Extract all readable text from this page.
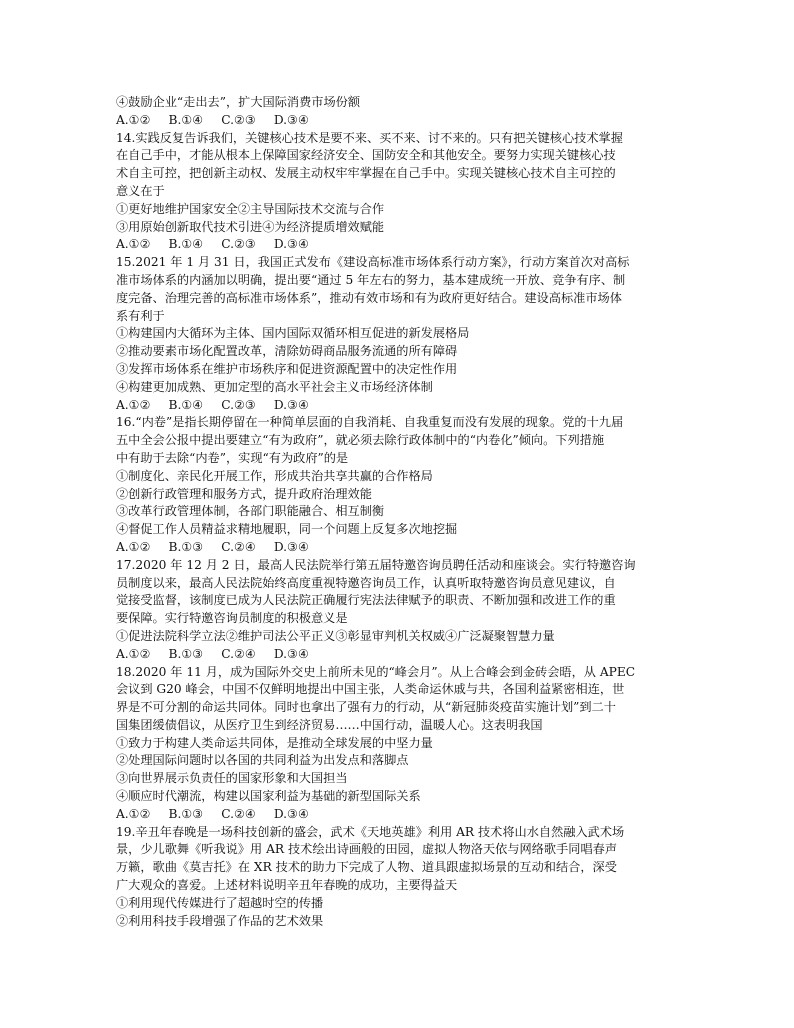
④鼓励企业“走出去”，扩大国际消费市场份额
A.①② B.①④ C.②③ D.③④
14.实践反复告诉我们，关键核心技术是要不来、买不来、讨不来的。只有把关键核心技术掌握
在自己手中，才能从根本上保障国家经济安全、国防安全和其他安全。要努力实现关键核心技
术自主可控，把创新主动权、发展主动权牢牢掌握在自己手中。实现关键核心技术自主可控的
意义在于
①更好地维护国家安全②主导国际技术交流与合作
③用原始创新取代技术引进④为经济提质增效赋能
A.①② B.①④ C.②③ D.③④
15.2021 年 1 月 31 日，我国正式发布《建设高标准市场体系行动方案》，行动方案首次对高标
准市场体系的内涵加以明确，提出要“通过 5 年左右的努力，基本建成统一开放、竞争有序、制
度完备、治理完善的高标准市场体系”，推动有效市场和有为政府更好结合。建设高标准市场体
系有利于
①构建国内大循环为主体、国内国际双循环相互促进的新发展格局
②推动要素市场化配置改革，清除妨碍商品服务流通的所有障碍
③发挥市场体系在维护市场秩序和促进资源配置中的决定性作用
④构建更加成熟、更加定型的高水平社会主义市场经济体制
A.①② B.①④ C.②③ D.③④
16.“内卷”是指长期停留在一种简单层面的自我消耗、自我重复而没有发展的现象。党的十九届
五中全会公报中提出要建立“有为政府”，就必须去除行政体制中的“内卷化”倾向。下列措施
中有助于去除“内卷”，实现“有为政府”的是
①制度化、亲民化开展工作，形成共治共享共赢的合作格局
②创新行政管理和服务方式，提升政府治理效能
③改革行政管理体制，各部门职能融合、相互制衡
④督促工作人员精益求精地履职，同一个问题上反复多次地挖掘
A.①② B.①③ C.②④ D.③④
17.2020 年 12 月 2 日，最高人民法院举行第五届特邀咨询员聘任活动和座谈会。实行特邀咨询
员制度以来，最高人民法院始终高度重视特邀咨询员工作，认真听取特邀咨询员意见建议，自
觉接受监督，该制度已成为人民法院正确履行宪法法律赋予的职责、不断加强和改进工作的重
要保障。实行特邀咨询员制度的积极意义是
①促进法院科学立法②维护司法公平正义③彰显审判机关权威④广泛凝聚智慧力量
A.①② B.①③ C.②④ D.③④
18.2020 年 11 月，成为国际外交史上前所未见的“峰会月”。从上合峰会到金砖会晤，从 APEC
会议到 G20 峰会，中国不仅鲜明地提出中国主张，人类命运休戚与共，各国利益紧密相连，世
界是不可分割的命运共同体。同时也拿出了强有力的行动，从“新冠肺炎疫苗实施计划”到二十
国集团缓债倡议，从医疗卫生到经济贸易……中国行动，温暖人心。这表明我国
①致力于构建人类命运共同体，是推动全球发展的中坚力量
②处理国际问题时以各国的共同利益为出发点和落脚点
③向世界展示负责任的国家形象和大国担当
④顺应时代潮流，构建以国家利益为基础的新型国际关系
A.①② B.①③ C.②④ D.③④
19.辛丑年春晚是一场科技创新的盛会，武术《天地英雄》利用 AR 技术将山水自然融入武术场
景，少儿歌舞《听我说》用 AR 技术绘出诗画般的田园，虚拟人物洛天依与网络歌手同唱春声
万籁，歌曲《莫吉托》在 XR 技术的助力下完成了人物、道具跟虚拟场景的互动和结合，深受
广大观众的喜爱。上述材料说明辛丑年春晚的成功，主要得益天
①利用现代传媒进行了超越时空的传播
②利用科技手段增强了作品的艺术效果
